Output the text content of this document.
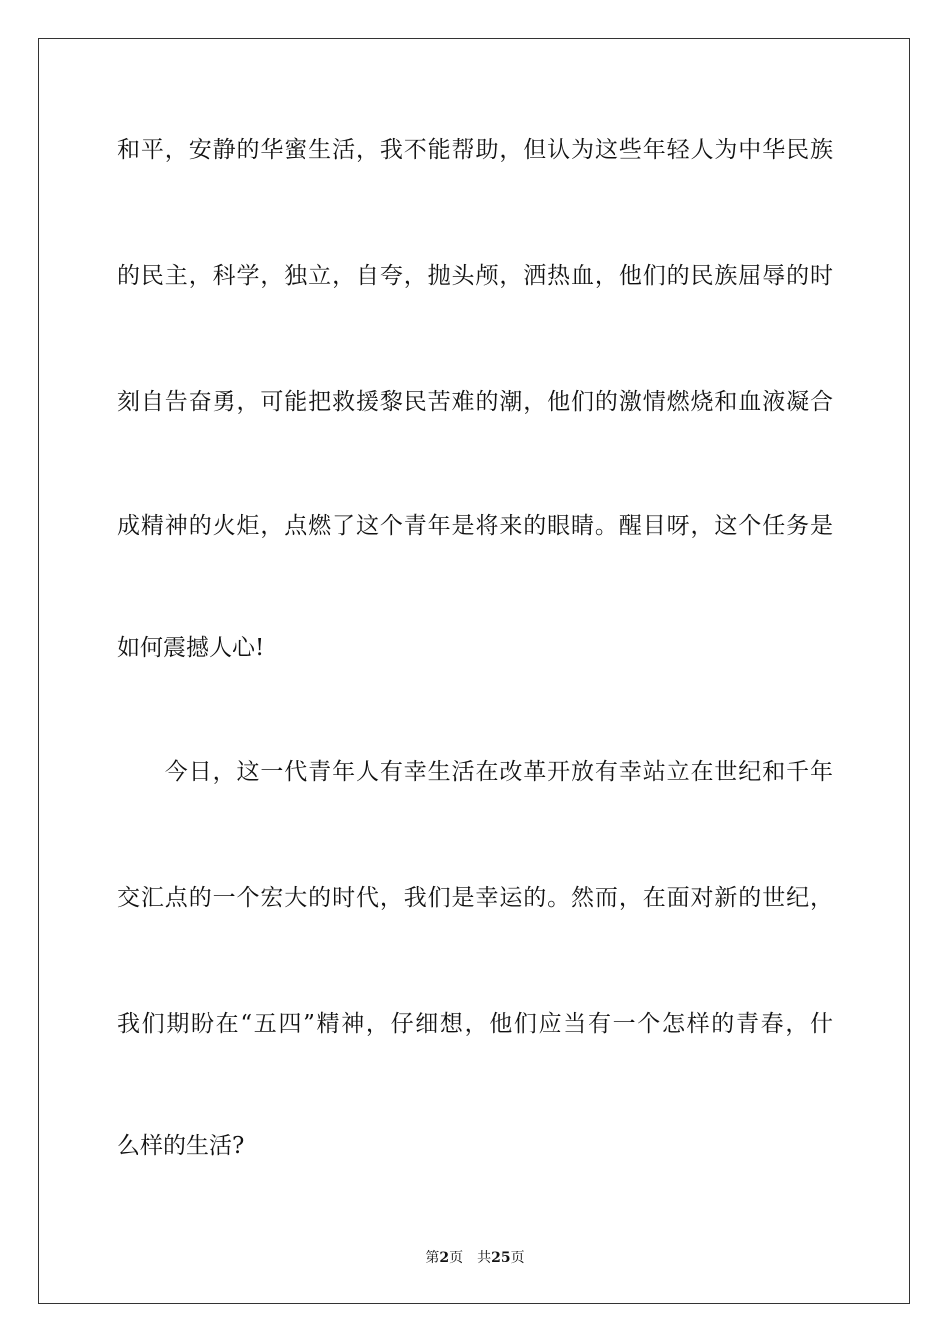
和平，安静的华蜜生活，我不能帮助，但认为这些年轻人为中华民族
的民主，科学，独立，自夸，抛头颅，洒热血，他们的民族屈辱的时
刻自告奋勇，可能把救援黎民苦难的潮，他们的激情燃烧和血液凝合
成精神的火炬，点燃了这个青年是将来的眼睛。醒目呀，这个任务是
如何震撼人心!
　　今日，这一代青年人有幸生活在改革开放有幸站立在世纪和千年
交汇点的一个宏大的时代，我们是幸运的。然而，在面对新的世纪，
我们期盼在“五四”精神，仔细想，他们应当有一个怎样的青春，什
么样的生活?
第2页 共25页
